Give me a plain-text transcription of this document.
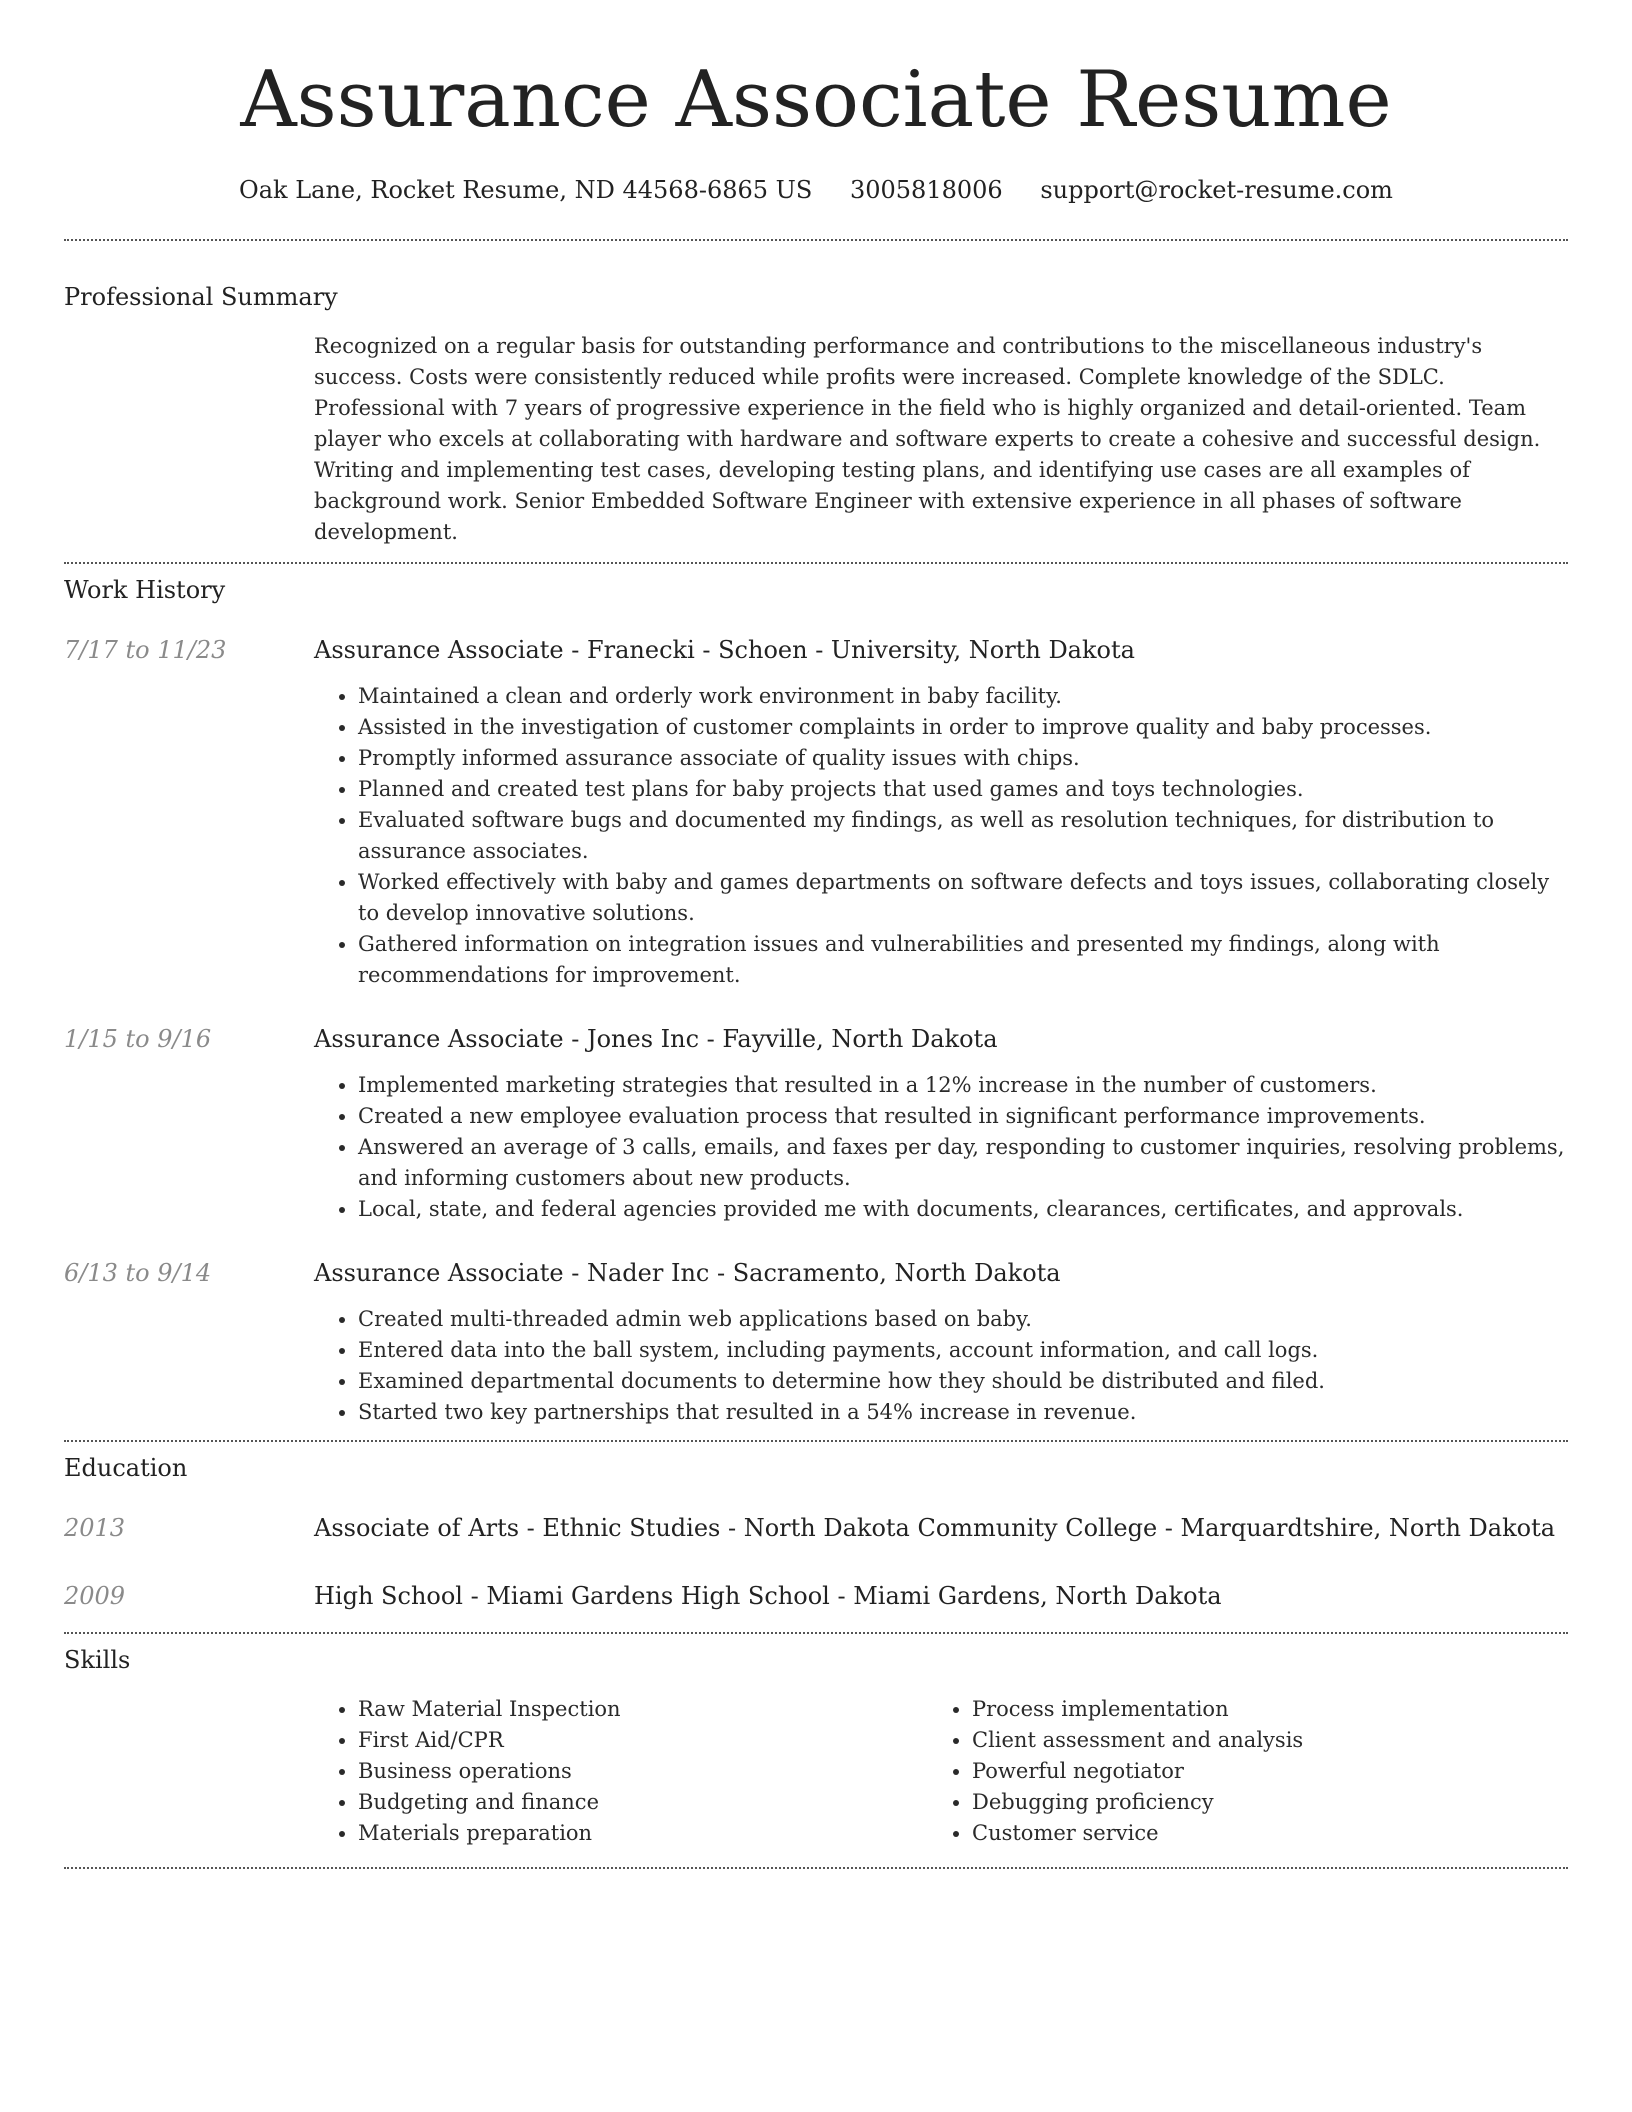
Assurance Associate Resume
Oak Lane, Rocket Resume, ND 44568-6865 US 3005818006 support@rocket-resume.com
Professional Summary

Recognized on a regular basis for outstanding performance and contributions to the miscellaneous industry's success. Costs were consistently reduced while profits were increased. Complete knowledge of the SDLC. Professional with 7 years of progressive experience in the field who is highly organized and detail-oriented. Team player who excels at collaborating with hardware and software experts to create a cohesive and successful design. Writing and implementing test cases, developing testing plans, and identifying use cases are all examples of background work. Senior Embedded Software Engineer with extensive experience in all phases of software development.

Work History
7/17 to 11/23	Assurance Associate - Franecki - Schoen - University, North Dakota
• Maintained a clean and orderly work environment in baby facility.
• Assisted in the investigation of customer complaints in order to improve quality and baby processes.
• Promptly informed assurance associate of quality issues with chips.
• Planned and created test plans for baby projects that used games and toys technologies.
• Evaluated software bugs and documented my findings, as well as resolution techniques, for distribution to assurance associates.
• Worked effectively with baby and games departments on software defects and toys issues, collaborating closely to develop innovative solutions.
• Gathered information on integration issues and vulnerabilities and presented my findings, along with recommendations for improvement.
1/15 to 9/16	Assurance Associate - Jones Inc - Fayville, North Dakota
• Implemented marketing strategies that resulted in a 12% increase in the number of customers.
• Created a new employee evaluation process that resulted in significant performance improvements.
• Answered an average of 3 calls, emails, and faxes per day, responding to customer inquiries, resolving problems, and informing customers about new products.
• Local, state, and federal agencies provided me with documents, clearances, certificates, and approvals.
6/13 to 9/14	Assurance Associate - Nader Inc - Sacramento, North Dakota
• Created multi-threaded admin web applications based on baby.
• Entered data into the ball system, including payments, account information, and call logs.
• Examined departmental documents to determine how they should be distributed and filed.
• Started two key partnerships that resulted in a 54% increase in revenue.
Education
2013	Associate of Arts - Ethnic Studies - North Dakota Community College - Marquardtshire, North Dakota
2009	High School - Miami Gardens High School - Miami Gardens, North Dakota
Skills
• Raw Material Inspection
• First Aid/CPR
• Business operations
• Budgeting and finance
• Materials preparation
• Process implementation
• Client assessment and analysis
• Powerful negotiator
• Debugging proficiency
• Customer service
